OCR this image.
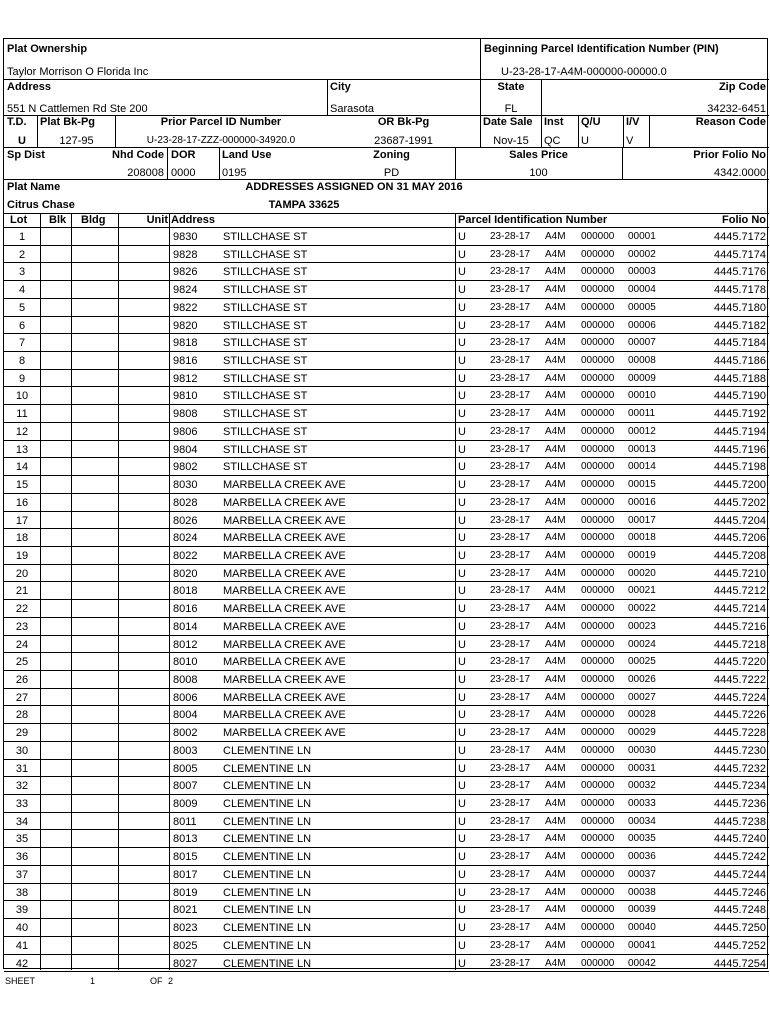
Plat Ownership
Taylor Morrison O Florida Inc
Beginning Parcel Identification Number (PIN)
U-23-28-17-A4M-000000-00000.0
Address
551 N Cattlemen Rd Ste 200
City
Sarasota
State
FL
Zip Code
34232-6451
T.D.
U
Plat Bk-Pg
127-95
Prior Parcel ID Number
U-23-28-17-ZZZ-000000-34920.0
OR Bk-Pg
23687-1991
Date Sale
Nov-15
Inst
QC
Q/U
U
I/V
V
Reason Code
Sp Dist	Nhd Code
208008
DOR
0000
Land Use
0195
Zoning
PD
Sales Price
100
Prior Folio No
4342.0000
Plat Name
Citrus Chase
ADDRESSES ASSIGNED ON 31 MAY 2016
TAMPA 33625
Lot Blk Bldg	Unit Address	Parcel Identification Number	Folio No
1	9830 STILLCHASE ST	U 23-28-17 A4M 000000 00001	4445.7172
2	9828 STILLCHASE ST	U 23-28-17 A4M 000000 00002	4445.7174
3	9826 STILLCHASE ST	U 23-28-17 A4M 000000 00003	4445.7176
4	9824 STILLCHASE ST	U 23-28-17 A4M 000000 00004	4445.7178
5	9822 STILLCHASE ST	U 23-28-17 A4M 000000 00005	4445.7180
6	9820 STILLCHASE ST	U 23-28-17 A4M 000000 00006	4445.7182
7	9818 STILLCHASE ST	U 23-28-17 A4M 000000 00007	4445.7184
8	9816 STILLCHASE ST	U 23-28-17 A4M 000000 00008	4445.7186
9	9812 STILLCHASE ST	U 23-28-17 A4M 000000 00009	4445.7188
10	9810 STILLCHASE ST	U 23-28-17 A4M 000000 00010	4445.7190
11	9808 STILLCHASE ST	U 23-28-17 A4M 000000 00011	4445.7192
12	9806 STILLCHASE ST	U 23-28-17 A4M 000000 00012	4445.7194
13	9804 STILLCHASE ST	U 23-28-17 A4M 000000 00013	4445.7196
14	9802 STILLCHASE ST	U 23-28-17 A4M 000000 00014	4445.7198
15	8030 MARBELLA CREEK AVE	U 23-28-17 A4M 000000 00015	4445.7200
16	8028 MARBELLA CREEK AVE	U 23-28-17 A4M 000000 00016	4445.7202
17	8026 MARBELLA CREEK AVE	U 23-28-17 A4M 000000 00017	4445.7204
18	8024 MARBELLA CREEK AVE	U 23-28-17 A4M 000000 00018	4445.7206
19	8022 MARBELLA CREEK AVE	U 23-28-17 A4M 000000 00019	4445.7208
20	8020 MARBELLA CREEK AVE	U 23-28-17 A4M 000000 00020	4445.7210
21	8018 MARBELLA CREEK AVE	U 23-28-17 A4M 000000 00021	4445.7212
22	8016 MARBELLA CREEK AVE	U 23-28-17 A4M 000000 00022	4445.7214
23	8014 MARBELLA CREEK AVE	U 23-28-17 A4M 000000 00023	4445.7216
24	8012 MARBELLA CREEK AVE	U 23-28-17 A4M 000000 00024	4445.7218
25	8010 MARBELLA CREEK AVE	U 23-28-17 A4M 000000 00025	4445.7220
26	8008 MARBELLA CREEK AVE	U 23-28-17 A4M 000000 00026	4445.7222
27	8006 MARBELLA CREEK AVE	U 23-28-17 A4M 000000 00027	4445.7224
28	8004 MARBELLA CREEK AVE	U 23-28-17 A4M 000000 00028	4445.7226
29	8002 MARBELLA CREEK AVE	U 23-28-17 A4M 000000 00029	4445.7228
30	8003 CLEMENTINE LN	U 23-28-17 A4M 000000 00030	4445.7230
31	8005 CLEMENTINE LN	U 23-28-17 A4M 000000 00031	4445.7232
32	8007 CLEMENTINE LN	U 23-28-17 A4M 000000 00032	4445.7234
33	8009 CLEMENTINE LN	U 23-28-17 A4M 000000 00033	4445.7236
34	8011 CLEMENTINE LN	U 23-28-17 A4M 000000 00034	4445.7238
35	8013 CLEMENTINE LN	U 23-28-17 A4M 000000 00035	4445.7240
36	8015 CLEMENTINE LN	U 23-28-17 A4M 000000 00036	4445.7242
37	8017 CLEMENTINE LN	U 23-28-17 A4M 000000 00037	4445.7244
38	8019 CLEMENTINE LN	U 23-28-17 A4M 000000 00038	4445.7246
39	8021 CLEMENTINE LN	U 23-28-17 A4M 000000 00039	4445.7248
40	8023 CLEMENTINE LN	U 23-28-17 A4M 000000 00040	4445.7250
41	8025 CLEMENTINE LN	U 23-28-17 A4M 000000 00041	4445.7252
42	8027 CLEMENTINE LN	U 23-28-17 A4M 000000 00042	4445.7254
SHEET	1	OF 2
